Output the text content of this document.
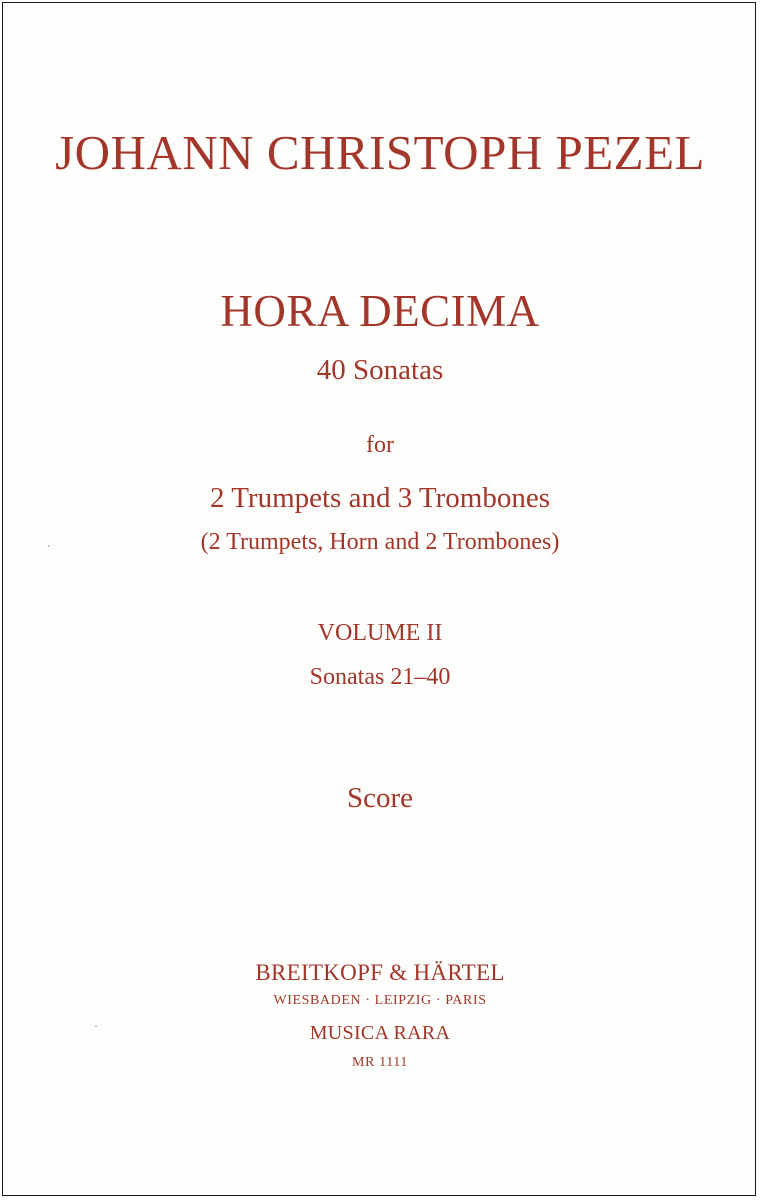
JOHANN CHRISTOPH PEZEL
HORA DECIMA
40 Sonatas
for
2 Trumpets and 3 Trombones
(2 Trumpets, Horn and 2 Trombones)
VOLUME II
Sonatas 21–40
Score
BREITKOPF & HÄRTEL
WIESBADEN · LEIPZIG · PARIS
MUSICA RARA
MR 1111
